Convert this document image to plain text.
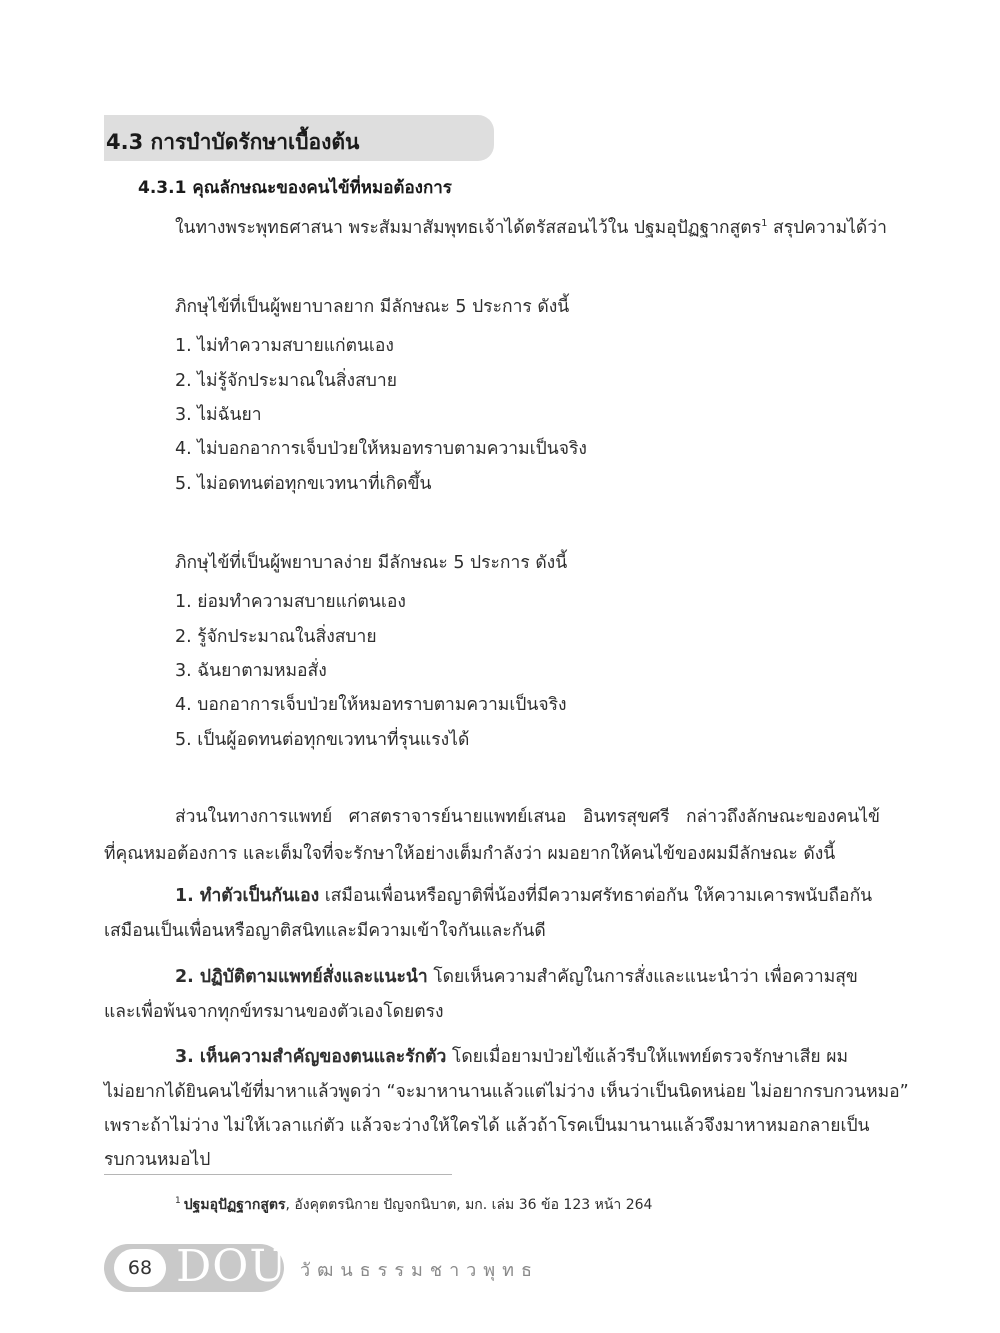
4.3 การบำบัดรักษาเบื้องต้น
4.3.1 คุณลักษณะของคนไข้ที่หมอต้องการ
ในทางพระพุทธศาสนา พระสัมมาสัมพุทธเจ้าได้ตรัสสอนไว้ใน ปฐมอุปัฏฐากสูตร$^1$ สรุปความได้ว่า
ภิกษุไข้ที่เป็นผู้พยาบาลยาก มีลักษณะ 5 ประการ ดังนี้
1. ไม่ทำความสบายแก่ตนเอง
2. ไม่รู้จักประมาณในสิ่งสบาย
3. ไม่ฉันยา
4. ไม่บอกอาการเจ็บป่วยให้หมอทราบตามความเป็นจริง
5. ไม่อดทนต่อทุกขเวทนาที่เกิดขึ้น
ภิกษุไข้ที่เป็นผู้พยาบาลง่าย มีลักษณะ 5 ประการ ดังนี้
1. ย่อมทำความสบายแก่ตนเอง
2. รู้จักประมาณในสิ่งสบาย
3. ฉันยาตามหมอสั่ง
4. บอกอาการเจ็บป่วยให้หมอทราบตามความเป็นจริง
5. เป็นผู้อดทนต่อทุกขเวทนาที่รุนแรงได้
ส่วนในทางการแพทย์ ศาสตราจารย์นายแพทย์เสนอ อินทรสุขศรี กล่าวถึงลักษณะของคนไข้
ที่คุณหมอต้องการ และเต็มใจที่จะรักษาให้อย่างเต็มกำลังว่า ผมอยากให้คนไข้ของผมมีลักษณะ ดังนี้
1. ทำตัวเป็นกันเอง เสมือนเพื่อนหรือญาติพี่น้องที่มีความศรัทธาต่อกัน ให้ความเคารพนับถือกัน
เสมือนเป็นเพื่อนหรือญาติสนิทและมีความเข้าใจกันและกันดี
2. ปฏิบัติตามแพทย์สั่งและแนะนำ โดยเห็นความสำคัญในการสั่งและแนะนำว่า เพื่อความสุข
และเพื่อพ้นจากทุกข์ทรมานของตัวเองโดยตรง
3. เห็นความสำคัญของตนและรักตัว โดยเมื่อยามป่วยไข้แล้วรีบให้แพทย์ตรวจรักษาเสีย ผม
ไม่อยากได้ยินคนไข้ที่มาหาแล้วพูดว่า “จะมาหานานแล้วแต่ไม่ว่าง เห็นว่าเป็นนิดหน่อย ไม่อยากรบกวนหมอ”
เพราะถ้าไม่ว่าง ไม่ให้เวลาแก่ตัว แล้วจะว่างให้ใครได้ แล้วถ้าโรคเป็นมานานแล้วจึงมาหาหมอกลายเป็น
รบกวนหมอไป
$^1$ ปฐมอุปัฏฐากสูตร, อังคุตตรนิกาย ปัญจกนิบาต, มก. เล่ม 36 ข้อ 123 หน้า 264
68 DOU วัฒนธรรมชาวพุทธ
